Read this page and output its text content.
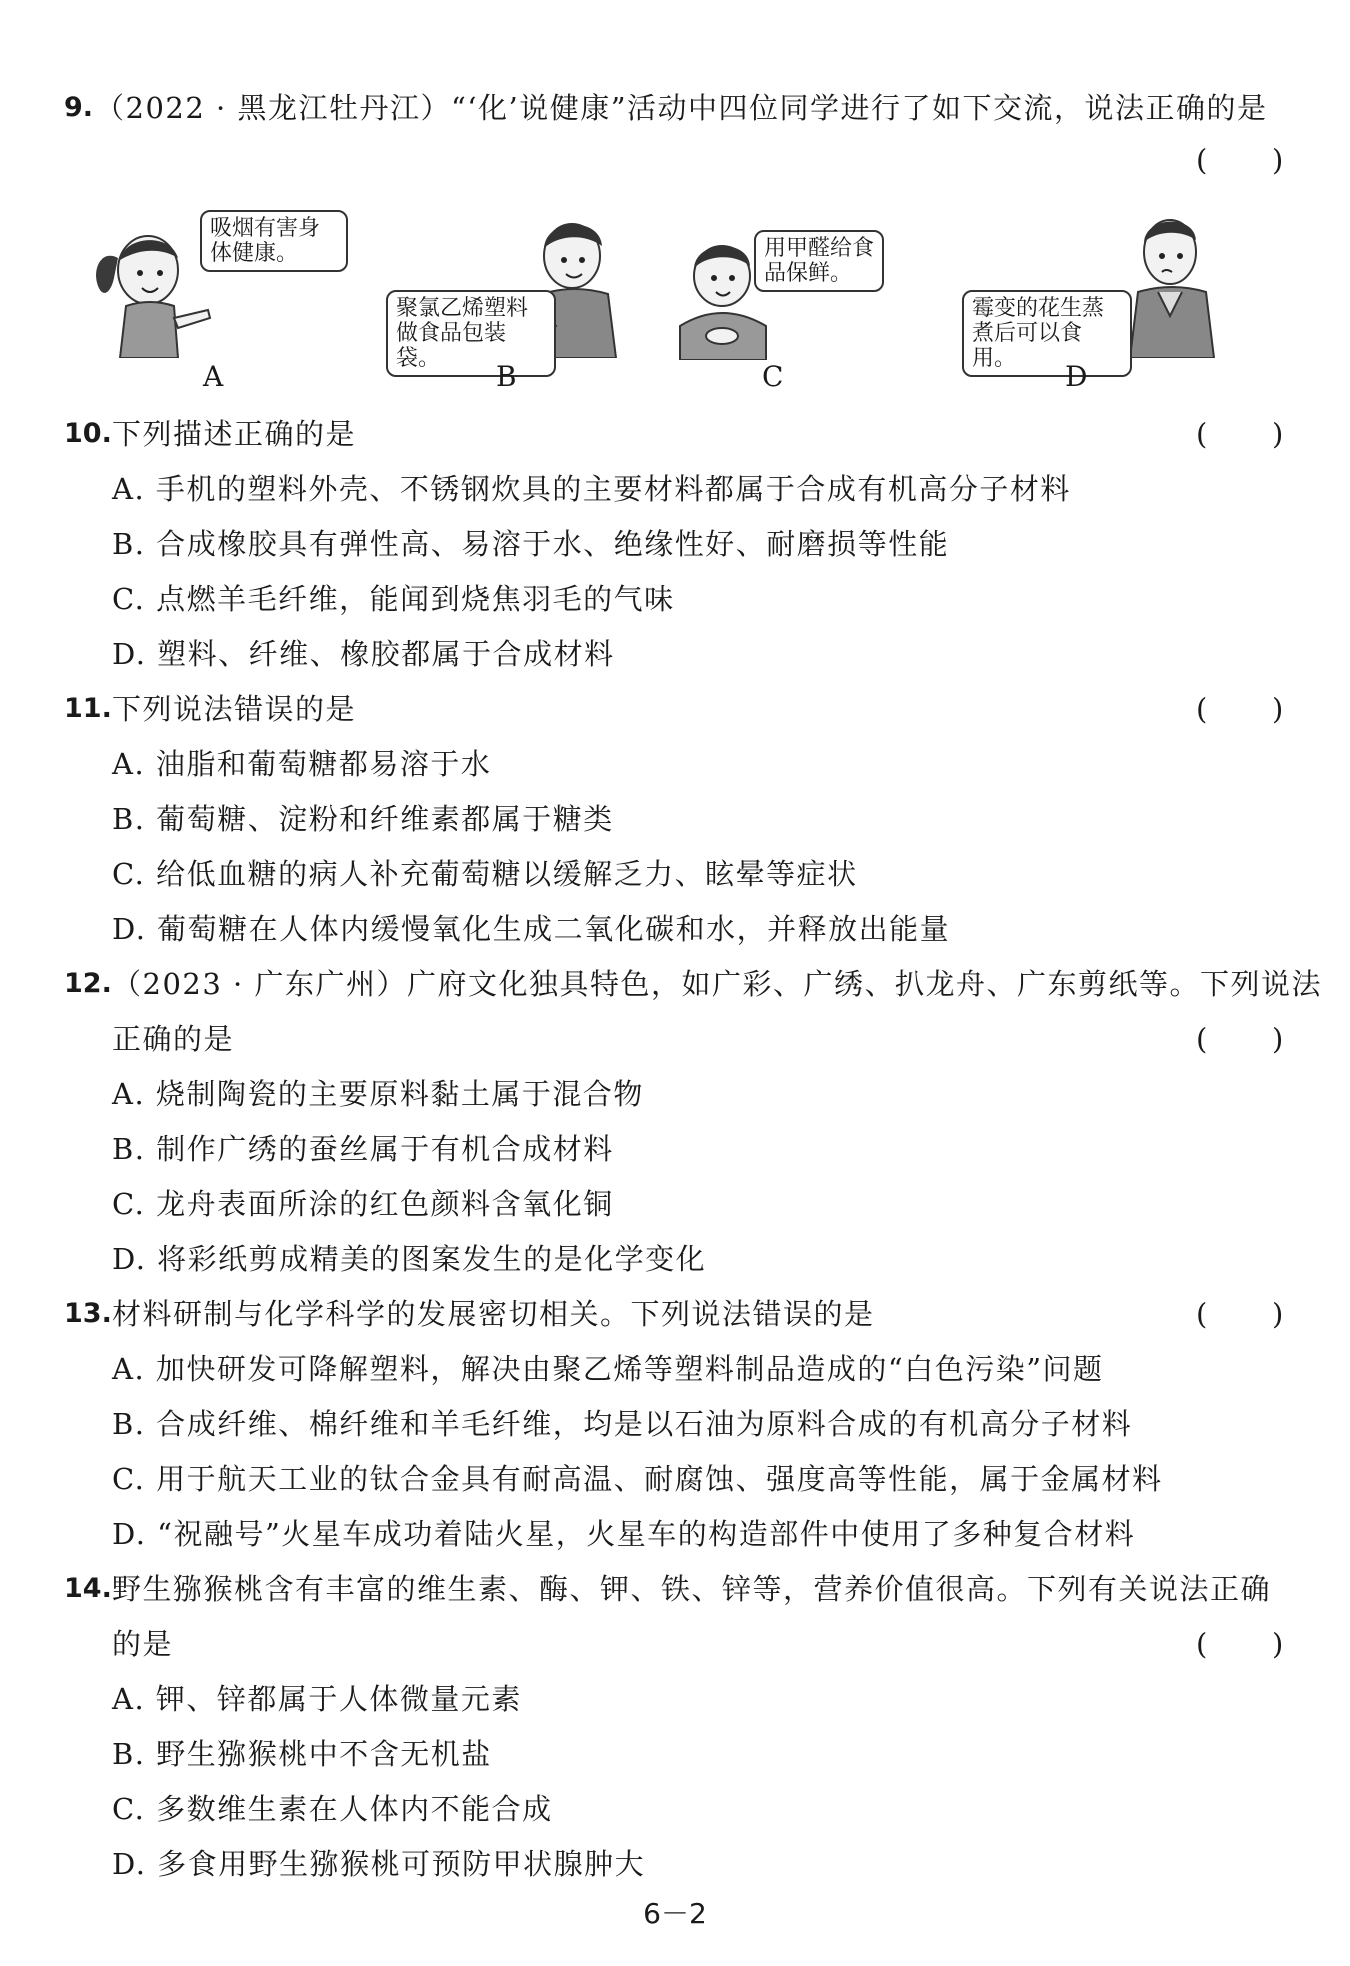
9. （2022 · 黑龙江牡丹江）“‘化’说健康”活动中四位同学进行了如下交流，说法正确的是
( )
吸烟有害身体健康。
A
聚氯乙烯塑料做食品包装袋。
B
用甲醛给食品保鲜。
C
霉变的花生蒸煮后可以食用。
D
10. 下列描述正确的是	( )
A. 手机的塑料外壳、不锈钢炊具的主要材料都属于合成有机高分子材料
B. 合成橡胶具有弹性高、易溶于水、绝缘性好、耐磨损等性能
C. 点燃羊毛纤维，能闻到烧焦羽毛的气味
D. 塑料、纤维、橡胶都属于合成材料
11. 下列说法错误的是	( )
A. 油脂和葡萄糖都易溶于水
B. 葡萄糖、淀粉和纤维素都属于糖类
C. 给低血糖的病人补充葡萄糖以缓解乏力、眩晕等症状
D. 葡萄糖在人体内缓慢氧化生成二氧化碳和水，并释放出能量
12. （2023 · 广东广州）广府文化独具特色，如广彩、广绣、扒龙舟、广东剪纸等。下列说法
正确的是	( )
A. 烧制陶瓷的主要原料黏土属于混合物
B. 制作广绣的蚕丝属于有机合成材料
C. 龙舟表面所涂的红色颜料含氧化铜
D. 将彩纸剪成精美的图案发生的是化学变化
13. 材料研制与化学科学的发展密切相关。下列说法错误的是	( )
A. 加快研发可降解塑料，解决由聚乙烯等塑料制品造成的“白色污染”问题
B. 合成纤维、棉纤维和羊毛纤维，均是以石油为原料合成的有机高分子材料
C. 用于航天工业的钛合金具有耐高温、耐腐蚀、强度高等性能，属于金属材料
D. “祝融号”火星车成功着陆火星，火星车的构造部件中使用了多种复合材料
14. 野生猕猴桃含有丰富的维生素、酶、钾、铁、锌等，营养价值很高。下列有关说法正确
的是	( )
A. 钾、锌都属于人体微量元素
B. 野生猕猴桃中不含无机盐
C. 多数维生素在人体内不能合成
D. 多食用野生猕猴桃可预防甲状腺肿大
6－2
